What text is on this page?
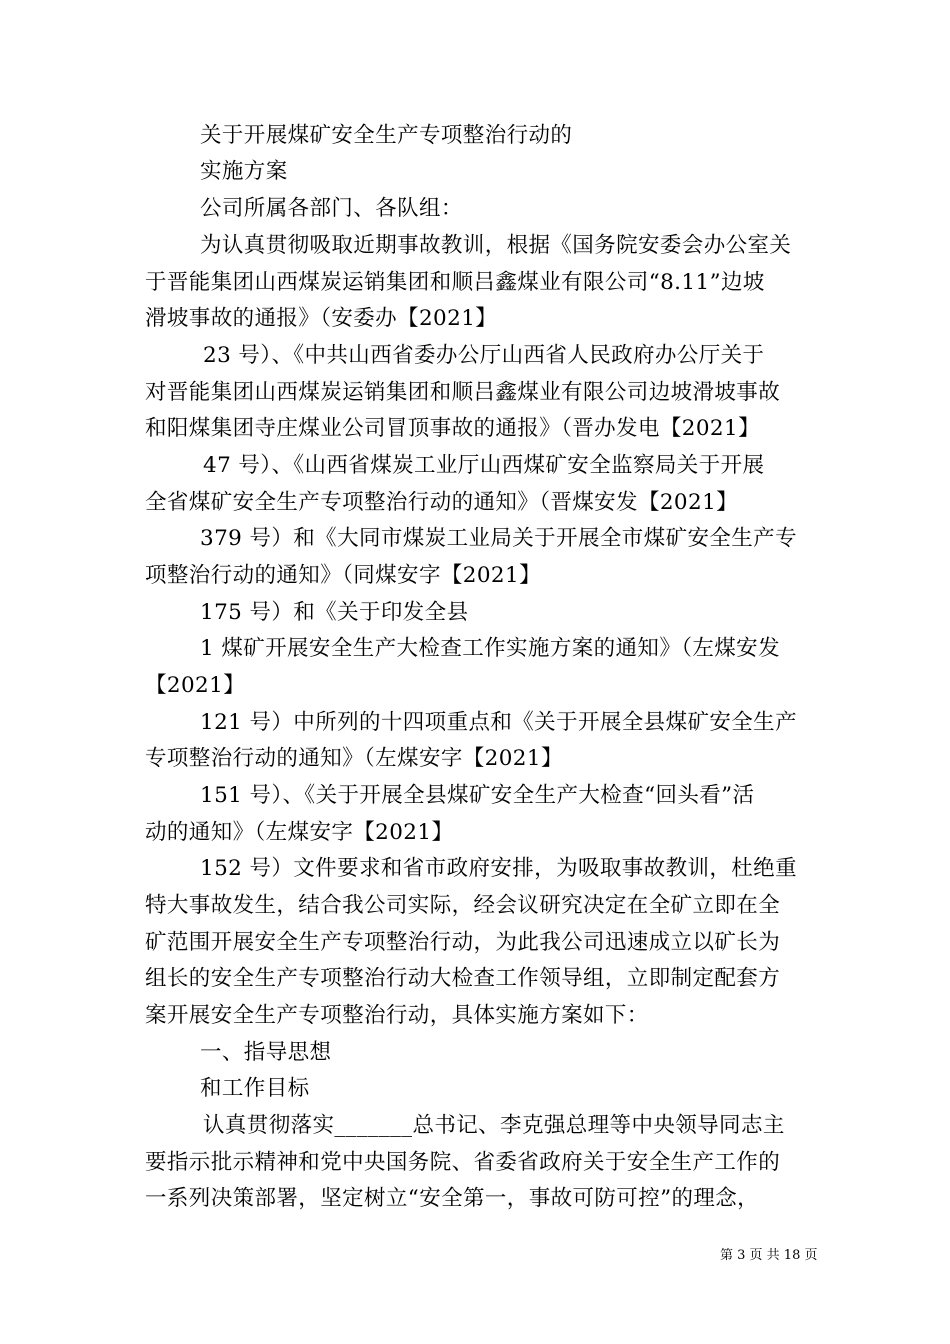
关于开展煤矿安全生产专项整治行动的
实施方案
公司所属各部门、各队组：
为认真贯彻吸取近期事故教训，根据《国务院安委会办公室关
于晋能集团山西煤炭运销集团和顺吕鑫煤业有限公司“8.11”边坡
滑坡事故的通报》（安委办【2021】
23 号）、《中共山西省委办公厅山西省人民政府办公厅关于
对晋能集团山西煤炭运销集团和顺吕鑫煤业有限公司边坡滑坡事故
和阳煤集团寺庄煤业公司冒顶事故的通报》（晋办发电【2021】
47 号）、《山西省煤炭工业厅山西煤矿安全监察局关于开展
全省煤矿安全生产专项整治行动的通知》（晋煤安发【2021】
379 号）和《大同市煤炭工业局关于开展全市煤矿安全生产专
项整治行动的通知》（同煤安字【2021】
175 号）和《关于印发全县
1 煤矿开展安全生产大检查工作实施方案的通知》（左煤安发
【2021】
121 号）中所列的十四项重点和《关于开展全县煤矿安全生产
专项整治行动的通知》（左煤安字【2021】
151 号）、《关于开展全县煤矿安全生产大检查“回头看”活
动的通知》（左煤安字【2021】
152 号）文件要求和省市政府安排，为吸取事故教训，杜绝重
特大事故发生，结合我公司实际，经会议研究决定在全矿立即在全
矿范围开展安全生产专项整治行动，为此我公司迅速成立以矿长为
组长的安全生产专项整治行动大检查工作领导组，立即制定配套方
案开展安全生产专项整治行动，具体实施方案如下：
一、指导思想
和工作目标
认真贯彻落实_______总书记、李克强总理等中央领导同志主
要指示批示精神和党中央国务院、省委省政府关于安全生产工作的
一系列决策部署，坚定树立“安全第一，事故可防可控”的理念，
第 3 页 共 18 页
